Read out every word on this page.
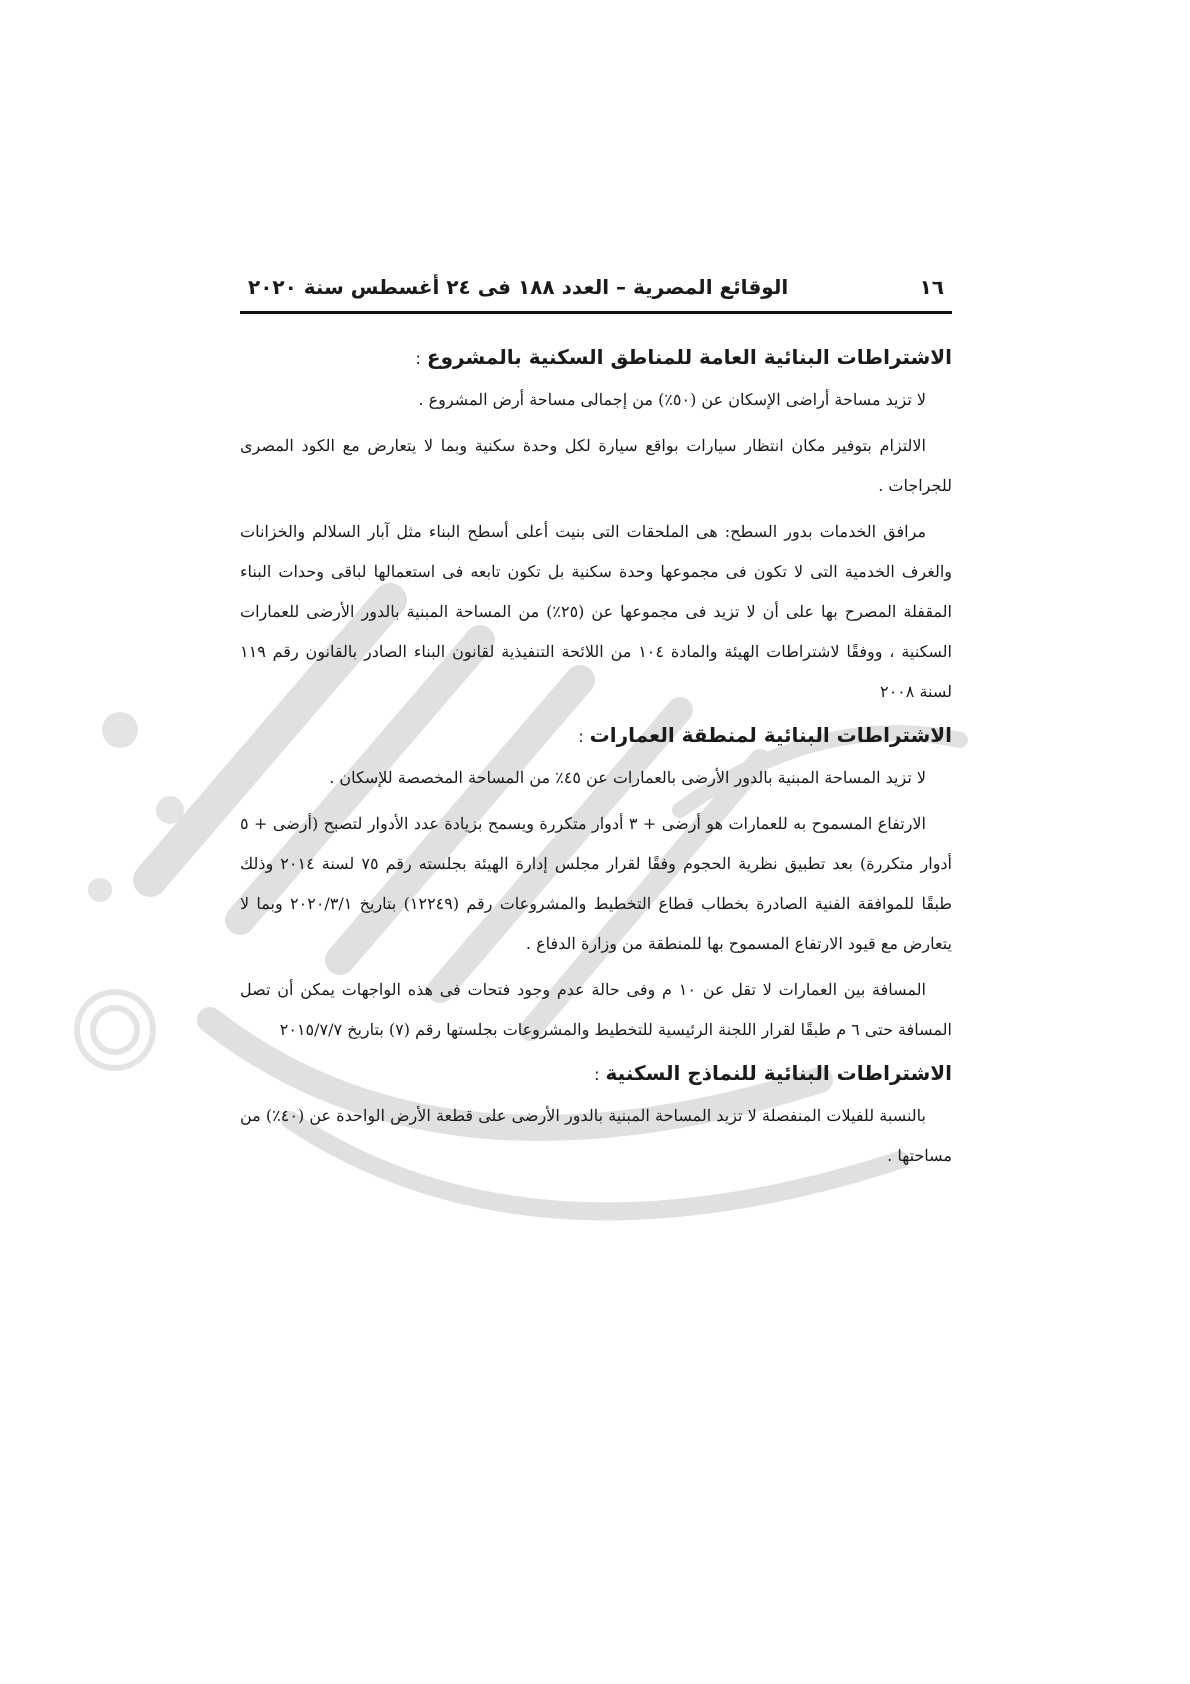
١٦
الوقائع المصرية – العدد ١٨٨ فى ٢٤ أغسطس سنة ٢٠٢٠
الاشتراطات البنائية العامة للمناطق السكنية بالمشروع:

لا تزيد مساحة أراضى الإسكان عن (٥٠٪) من إجمالى مساحة أرض المشروع .

الالتزام بتوفير مكان انتظار سيارات بواقع سيارة لكل وحدة سكنية وبما لا يتعارض مع الكود المصرى للجراجات .

مرافق الخدمات بدور السطح: هى الملحقات التى بنيت أعلى أسطح البناء مثل آبار السلالم والخزانات والغرف الخدمية التى لا تكون فى مجموعها وحدة سكنية بل تكون تابعه فى استعمالها لباقى وحدات البناء المقفلة المصرح بها على أن لا تزيد فى مجموعها عن (٢٥٪) من المساحة المبنية بالدور الأرضى للعمارات السكنية ، ووفقًا لاشتراطات الهيئة والمادة ١٠٤ من اللائحة التنفيذية لقانون البناء الصادر بالقانون رقم ١١٩ لسنة ٢٠٠٨

الاشتراطات البنائية لمنطقة العمارات:

لا تزيد المساحة المبنية بالدور الأرضى بالعمارات عن ٤٥٪ من المساحة المخصصة للإسكان .

الارتفاع المسموح به للعمارات هو أرضى + ٣ أدوار متكررة ويسمح بزيادة عدد الأدوار لتصبح (أرضى + ٥ أدوار متكررة) بعد تطبيق نظرية الحجوم وفقًا لقرار مجلس إدارة الهيئة بجلسته رقم ٧٥ لسنة ٢٠١٤ وذلك طبقًا للموافقة الفنية الصادرة بخطاب قطاع التخطيط والمشروعات رقم (١٢٢٤٩) بتاريخ ٢٠٢٠/٣/١ وبما لا يتعارض مع قيود الارتفاع المسموح بها للمنطقة من وزارة الدفاع .

المسافة بين العمارات لا تقل عن ١٠ م وفى حالة عدم وجود فتحات فى هذه الواجهات يمكن أن تصل المسافة حتى ٦ م طبقًا لقرار اللجنة الرئيسية للتخطيط والمشروعات بجلستها رقم (٧) بتاريخ ٢٠١٥/٧/٧

الاشتراطات البنائية للنماذج السكنية:

بالنسبة للفيلات المنفصلة لا تزيد المساحة المبنية بالدور الأرضى على قطعة الأرض الواحدة عن (٤٠٪) من مساحتها .
